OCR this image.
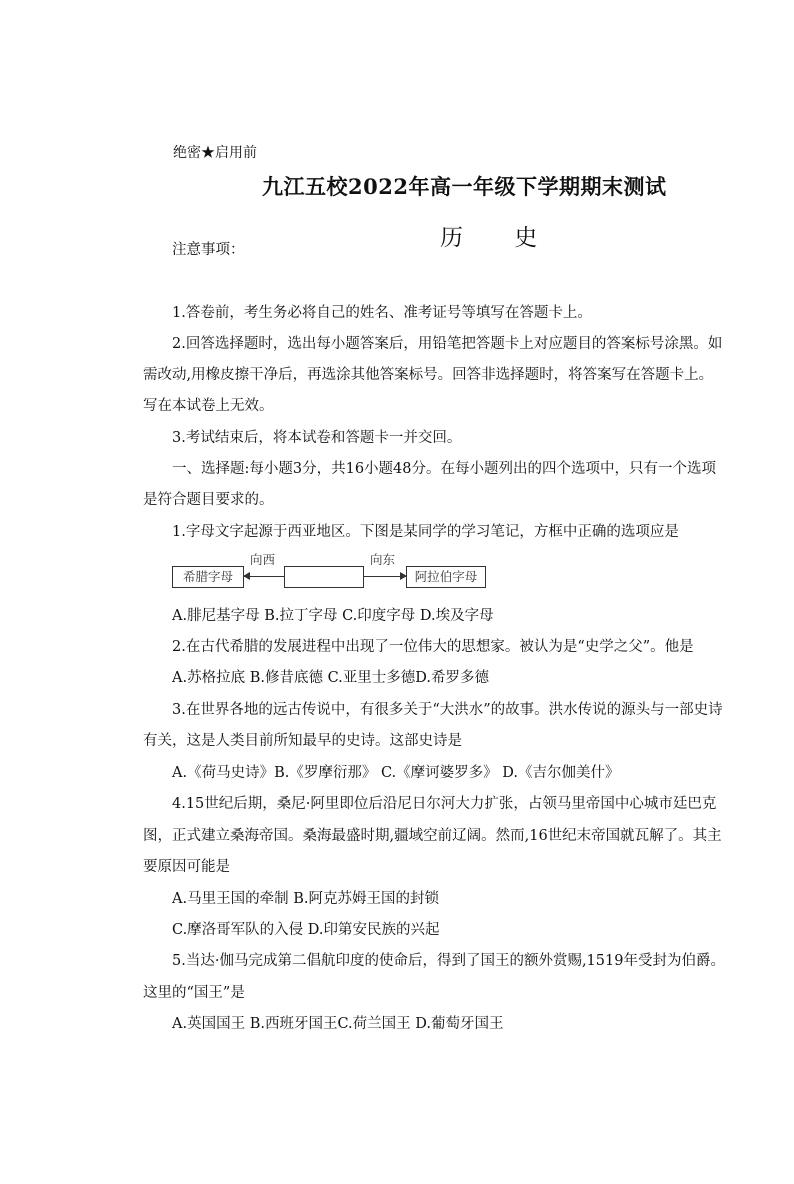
绝密★启用前
九江五校2022年高一年级下学期期末测试
历 史
注意事项：
1.答卷前，考生务必将自己的姓名、准考证号等填写在答题卡上。
2.回答选择题时，选出每小题答案后，用铅笔把答题卡上对应题目的答案标号涂黑。如
需改动,用橡皮擦干净后，再选涂其他答案标号。回答非选择题时，将答案写在答题卡上。
写在本试卷上无效。
3.考试结束后，将本试卷和答题卡一并交回。
一、选择题:每小题3分，共16小题48分。在每小题列出的四个选项中，只有一个选项
是符合题目要求的。
1.字母文字起源于西亚地区。下图是某同学的学习笔记，方框中正确的选项应是
希腊字母
向西	向东
阿拉伯字母
A.腓尼基字母 B.拉丁字母 C.印度字母 D.埃及字母
2.在古代希腊的发展进程中出现了一位伟大的思想家。被认为是“史学之父”。他是
A.苏格拉底 B.修昔底德 C.亚里士多德D.希罗多德
3.在世界各地的远古传说中，有很多关于“大洪水”的故事。洪水传说的源头与一部史诗
有关，这是人类目前所知最早的史诗。这部史诗是
A.《荷马史诗》B.《罗摩衍那》 C.《摩诃婆罗多》 D.《吉尔伽美什》
4.15世纪后期，桑尼·阿里即位后沿尼日尔河大力扩张，占领马里帝国中心城市廷巴克
图，正式建立桑海帝国。桑海最盛时期,疆域空前辽阔。然而,16世纪末帝国就瓦解了。其主
要原因可能是
A.马里王国的牵制 B.阿克苏姆王国的封锁
C.摩洛哥军队的入侵 D.印第安民族的兴起
5.当达·伽马完成第二倡航印度的使命后，得到了国王的额外赏赐,1519年受封为伯爵。
这里的“国王”是
A.英国国王 B.西班牙国王C.荷兰国王 D.葡萄牙国王
